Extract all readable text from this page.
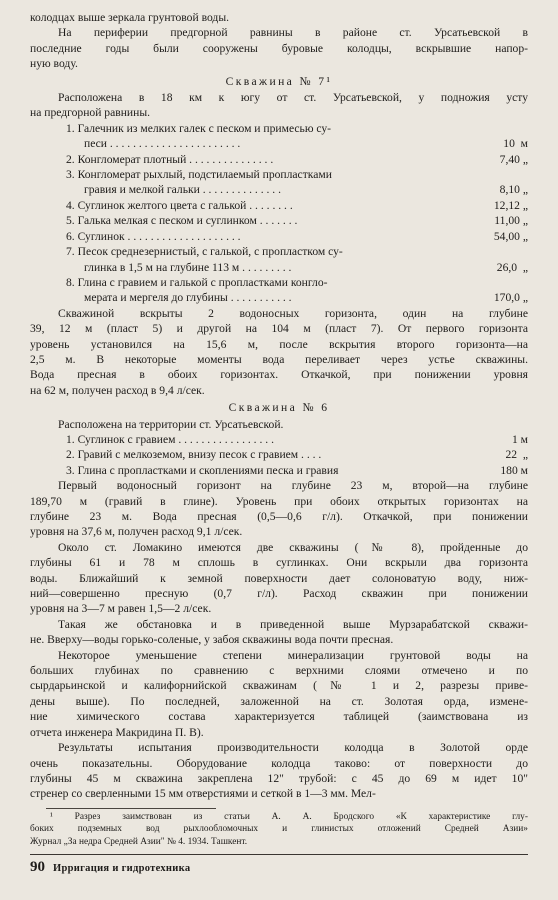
колодцах выше зеркала грунтовой воды.
На периферии предгорной равнины в районе ст. Урсатьевской в
последние годы были сооружены буровые колодцы, вскрывшие напор-
ную воду.
Скважина № 7¹
Расположена в 18 км к югу от ст. Урсатьевской, у подножия усту
на предгорной равнины.
1. Галечник из мелких галек с песком и примесью су-
песи . . . . . . . . . . . . . . . . . . . . . . .	10  м
2. Конгломерат плотный . . . . . . . . . . . . . . .	7,40 „
3. Конгломерат рыхлый, подстилаемый пропластками
гравия и мелкой гальки . . . . . . . . . . . . . .	8,10 „
4. Суглинок желтого цвета с галькой . . . . . . . .	12,12 „
5. Галька мелкая с песком и суглинком . . . . . . .	11,00 „
6. Суглинок . . . . . . . . . . . . . . . . . . . .	54,00 „
7. Песок среднезернистый, с галькой, с пропластком су-
глинка в 1,5 м на глубине 113 м . . . . . . . . .	26,0  „
8. Глина с гравием и галькой с пропластками конгло-
мерата и мергеля до глубины . . . . . . . . . . .	170,0 „
Скважиной вскрыты 2 водоносных горизонта, один на глубине
39, 12 м (пласт 5) и другой на 104 м (пласт 7). От первого горизонта
уровень установился на 15,6 м, после вскрытия второго горизонта—на
2,5 м. В некоторые моменты вода переливает через устье скважины.
Вода пресная в обоих горизонтах. Откачкой, при понижении уровня
на 62 м, получен расход в 9,4 л/сек.
Скважина № 6
Расположена на территории ст. Урсатьевской.
1. Суглинок с гравием . . . . . . . . . . . . . . . . .	1 м
2. Гравий с мелкоземом, внизу песок с гравием . . . .	22  „
3. Глина с пропластками и скоплениями песка и гравия	180 м
Первый водоносный горизонт на глубине 23 м, второй—на глубине
189,70 м (гравий в глине). Уровень при обоих открытых горизонтах на
глубине 23 м. Вода пресная (0,5—0,6 г/л). Откачкой, при понижении
уровня на 37,6 м, получен расход 9,1 л/сек.
Около ст. Ломакино имеются две скважины (№ 8), пройденные до
глубины 61 и 78 м сплошь в суглинках. Они вскрыли два горизонта
воды. Ближайший к земной поверхности дает солоноватую воду, ниж-
ний—совершенно пресную (0,7 г/л). Расход скважин при понижении
уровня на 3—7 м равен 1,5—2 л/сек.
Такая же обстановка и в приведенной выше Мурзарабатской скважи-
не. Вверху—воды горько-соленые, у забоя скважины вода почти пресная.
Некоторое уменьшение степени минерализации грунтовой воды на
больших глубинах по сравнению с верхними слоями отмечено и по
сырдарьинской и калифорнийской скважинам (№ 1 и 2, разрезы приве-
дены выше). По последней, заложенной на ст. Золотая орда, измене-
ние химического состава характеризуется таблицей (заимствована из
отчета инженера Макридина П. В).
Результаты испытания производительности колодца в Золотой орде
очень показательны. Оборудование колодца таково: от поверхности до
глубины 45 м скважина закреплена 12" трубой: с 45 до 69 м идет 10"
стренер со сверленными 15 мм отверстиями и сеткой в 1—3 мм. Мел-
¹ Разрез заимствован из статьи А. А. Бродского «К характеристике глу-
боких подземных вод рыхлообломочных и глинистых отложений Средней Азии»
Журнал „За недра Средней Азии" № 4. 1934. Ташкент.
90 Ирригация и гидротехника
